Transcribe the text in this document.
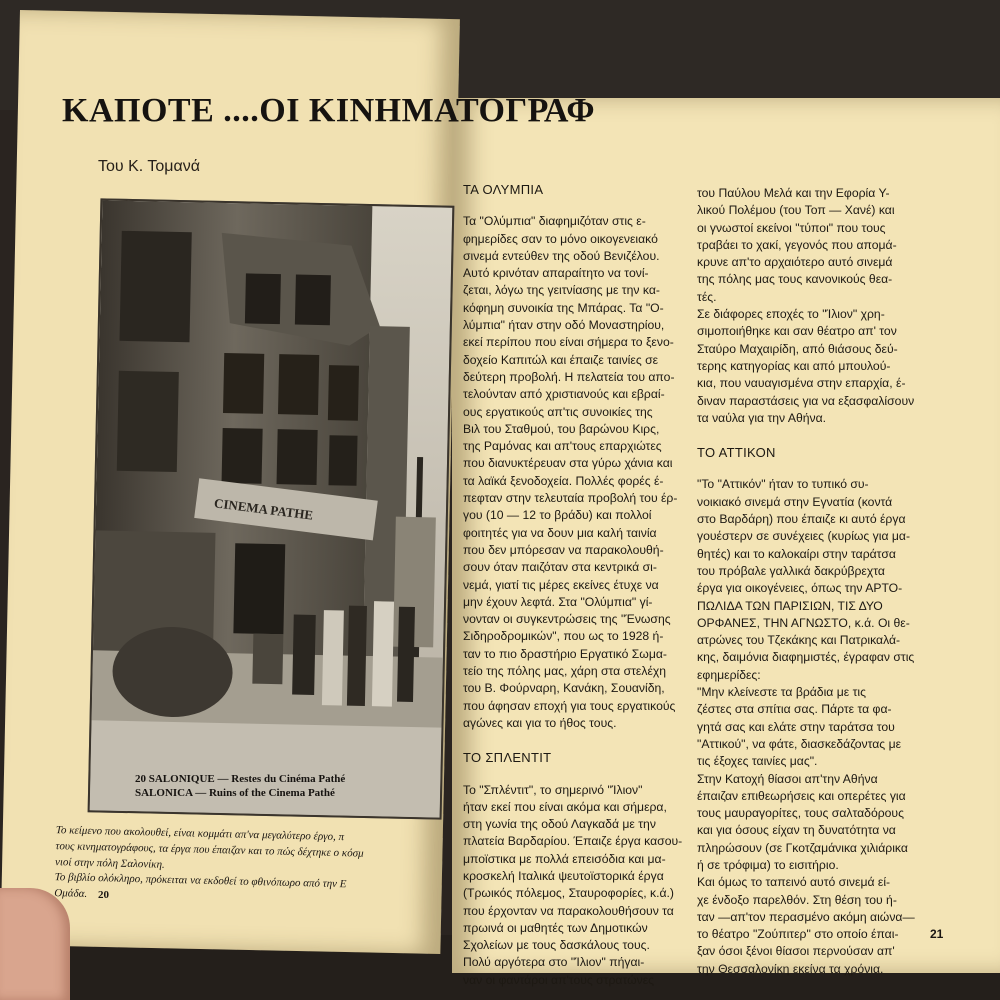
ΚΑΠΟΤΕ ....ΟΙ ΚΙΝΗΜΑΤΟΓΡΑΦ
Του Κ. Τομανά
CINEMA PATHE
20 SALONIQUE — Restes du Cinéma Pathé
SALONICA — Ruins of the Cinema Pathé
Το κείμενο που ακολουθεί, είναι κομμάτι απ'να μεγαλύτερο έργο, π
τους κινηματογράφους, τα έργα που έπαιζαν και το πώς δέχτηκε ο κόσμ
νιοί στην πόλη Σαλονίκη.
Το βιβλίο ολόκληρο, πρόκειται να εκδοθεί το φθινόπωρο από την Ε
Ομάδα. 20

ΤΑ ΟΛΥΜΠΙΑ

Τα "Ολύμπια" διαφημιζόταν στις ε-

φημερίδες σαν το μόνο οικογενειακό

σινεμά εντεύθεν της οδού Βενιζέλου.

Αυτό κρινόταν απαραίτητο να τονί-

ζεται, λόγω της γειτνίασης με την κα-

κόφημη συνοικία της Μπάρας. Τα "Ο-

λύμπια" ήταν στην οδό Μοναστηρίου,

εκεί περίπου που είναι σήμερα το ξενο-

δοχείο Καπιτώλ και έπαιζε ταινίες σε

δεύτερη προβολή. Η πελατεία του απο-

τελούνταν από χριστιανούς και εβραί-

ους εργατικούς απ'τις συνοικίες της

Βιλ του Σταθμού, του βαρώνου Κιρς,

της Ραμόνας και απ'τους επαρχιώτες

που διανυκτέρευαν στα γύρω χάνια και

τα λαϊκά ξενοδοχεία. Πολλές φορές έ-

πεφταν στην τελευταία προβολή του έρ-

γου (10 — 12 το βράδυ) και πολλοί

φοιτητές για να δουν μια καλή ταινία

που δεν μπόρεσαν να παρακολουθή-

σουν όταν παιζόταν στα κεντρικά σι-

νεμά, γιατί τις μέρες εκείνες έτυχε να

μην έχουν λεφτά. Στα "Ολύμπια" γί-

νονταν οι συγκεντρώσεις της "Ένωσης

Σιδηροδρομικών", που ως το 1928 ή-

ταν το πιο δραστήριο Εργατικό Σωμα-

τείο της πόλης μας, χάρη στα στελέχη

του Β. Φούρναρη, Κανάκη, Σουανίδη,

που άφησαν εποχή για τους εργατικούς

αγώνες και για το ήθος τους.

ΤΟ ΣΠΛΕΝΤΙΤ

Το "Σπλέντιτ", το σημερινό "Ίλιον"

ήταν εκεί που είναι ακόμα και σήμερα,

στη γωνία της οδού Λαγκαδά με την

πλατεία Βαρδαρίου. Έπαιζε έργα κασου-

μποϊστικα με πολλά επεισόδια και μα-

κροσκελή Ιταλικά ψευτοϊστορικά έργα

(Τρωικός πόλεμος, Σταυροφορίες, κ.ά.)

που έρχονταν να παρακολουθήσουν τα

πρωινά οι μαθητές των Δημοτικών

Σχολείων με τους δασκάλους τους.

Πολύ αργότερα στο "Ίλιον" πήγαι-

ναν οι φαντάροι απ'τους στρατώνες

του Παύλου Μελά και την Εφορία Υ-

λικού Πολέμου (του Τοπ — Χανέ) και

οι γνωστοί εκείνοι "τύποι" που τους

τραβάει το χακί, γεγονός που απομά-

κρυνε απ'το αρχαιότερο αυτό σινεμά

της πόλης μας τους κανονικούς θεα-

τές.

Σε διάφορες εποχές το "Ίλιον" χρη-

σιμοποιήθηκε και σαν θέατρο απ' τον

Σταύρο Μαχαιρίδη, από θιάσους δεύ-

τερης κατηγορίας και από μπουλού-

κια, που ναυαγισμένα στην επαρχία, έ-

διναν παραστάσεις για να εξασφαλίσουν

τα ναύλα για την Αθήνα.

ΤΟ ΑΤΤΙΚΟΝ

"Το "Αττικόν" ήταν το τυπικό συ-

νοικιακό σινεμά στην Εγνατία (κοντά

στο Βαρδάρη) που έπαιζε κι αυτό έργα

γουέστερν σε συνέχειες (κυρίως για μα-

θητές) και το καλοκαίρι στην ταράτσα

του πρόβαλε γαλλικά δακρύβρεχτα

έργα για οικογένειες, όπως την ΑΡΤΟ-

ΠΩΛΙΔΑ ΤΩΝ ΠΑΡΙΣΙΩΝ, ΤΙΣ ΔΥΟ

ΟΡΦΑΝΕΣ, ΤΗΝ ΑΓΝΩΣΤΟ, κ.ά. Οι θε-

ατρώνες του Τζεκάκης και Πατρικαλά-

κης, δαιμόνια διαφημιστές, έγραφαν στις

εφημερίδες:

"Μην κλείνεστε τα βράδια με τις

ζέστες στα σπίτια σας. Πάρτε τα φα-

γητά σας και ελάτε στην ταράτσα του

"Αττικού", να φάτε, διασκεδάζοντας με

τις έξοχες ταινίες μας".

Στην Κατοχή θίασοι απ'την Αθήνα

έπαιζαν επιθεωρήσεις και οπερέτες για

τους μαυραγορίτες, τους σαλταδόρους

και για όσους είχαν τη δυνατότητα να

πληρώσουν (σε Γκοτζαμάνικα χιλιάρικα

ή σε τρόφιμα) το εισιτήριο.

Και όμως το ταπεινό αυτό σινεμά εί-

χε ένδοξο παρελθόν. Στη θέση του ή-

ταν —απ'τον περασμένο ακόμη αιώνα—

το θέατρο "Ζούπιτερ" στο οποίο έπαι-

ξαν όσοι ξένοι θίασοι περνούσαν απ'

την Θεσσαλονίκη εκείνα τα χρόνια.

21
